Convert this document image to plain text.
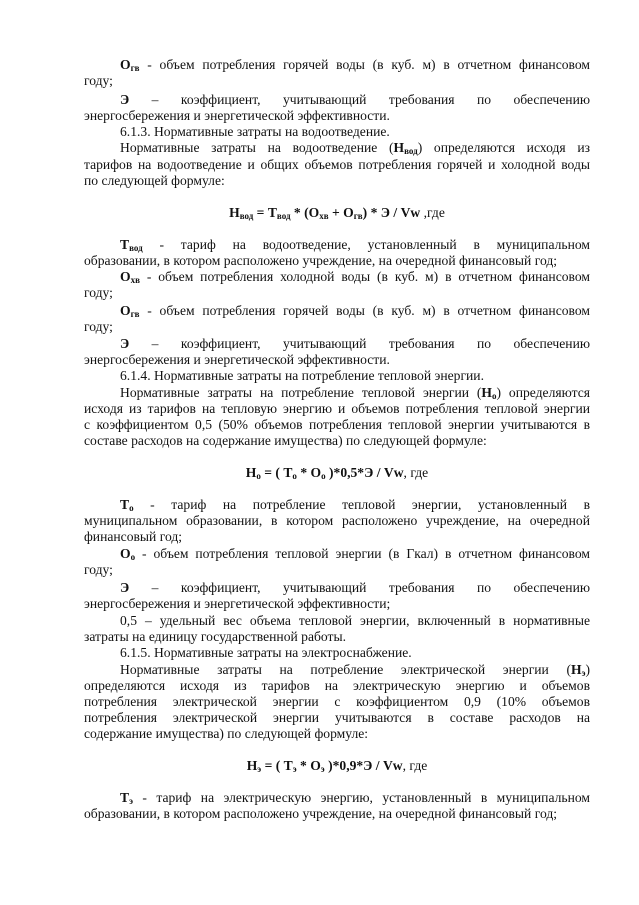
$О_{гв}$ - объем потребления горячей воды (в куб. м) в отчетном финансовом
году;
Э – коэффициент, учитывающий требования по обеспечению
энергосбережения и энергетической эффективности.
6.1.3. Нормативные затраты на водоотведение.
Нормативные затраты на водоотведение $(Н_{вод})$ определяются исходя из
тарифов на водоотведение и общих объемов потребления горячей и холодной воды
по следующей формуле:
$Н_{вод} = Т_{вод} * (О_{хв} + О_{гв}) * Э / Vw$ ,где
$Т_{вод}$ - тариф на водоотведение, установленный в муниципальном
образовании, в котором расположено учреждение, на очередной финансовый год;
$О_{хв}$ - объем потребления холодной воды (в куб. м) в отчетном финансовом
году;
$О_{гв}$ - объем потребления горячей воды (в куб. м) в отчетном финансовом
году;
Э – коэффициент, учитывающий требования по обеспечению
энергосбережения и энергетической эффективности.
6.1.4. Нормативные затраты на потребление тепловой энергии.
Нормативные затраты на потребление тепловой энергии $(Н_о)$ определяются
исходя из тарифов на тепловую энергию и объемов потребления тепловой энергии
с коэффициентом 0,5 (50% объемов потребления тепловой энергии учитываются в
составе расходов на содержание имущества) по следующей формуле:
$Н_о$ = ( $Т_о * О_о$ )*0,5*Э / Vw, где
$Т_о$ - тариф на потребление тепловой энергии, установленный в
муниципальном образовании, в котором расположено учреждение, на очередной
финансовый год;
$О_о$ - объем потребления тепловой энергии (в Гкал) в отчетном финансовом
году;
Э – коэффициент, учитывающий требования по обеспечению
энергосбережения и энергетической эффективности;
0,5 – удельный вес объема тепловой энергии, включенный в нормативные
затраты на единицу государственной работы.
6.1.5. Нормативные затраты на электроснабжение.
Нормативные затраты на потребление электрической энергии $(Н_э)$
определяются исходя из тарифов на электрическую энергию и объемов
потребления электрической энергии с коэффициентом 0,9 (10% объемов
потребления электрической энергии учитываются в составе расходов на
содержание имущества) по следующей формуле:
$Н_э$ = ( $Т_э * О_э$ )*0,9*Э / Vw, где
$Т_э$ - тариф на электрическую энергию, установленный в муниципальном
образовании, в котором расположено учреждение, на очередной финансовый год;
